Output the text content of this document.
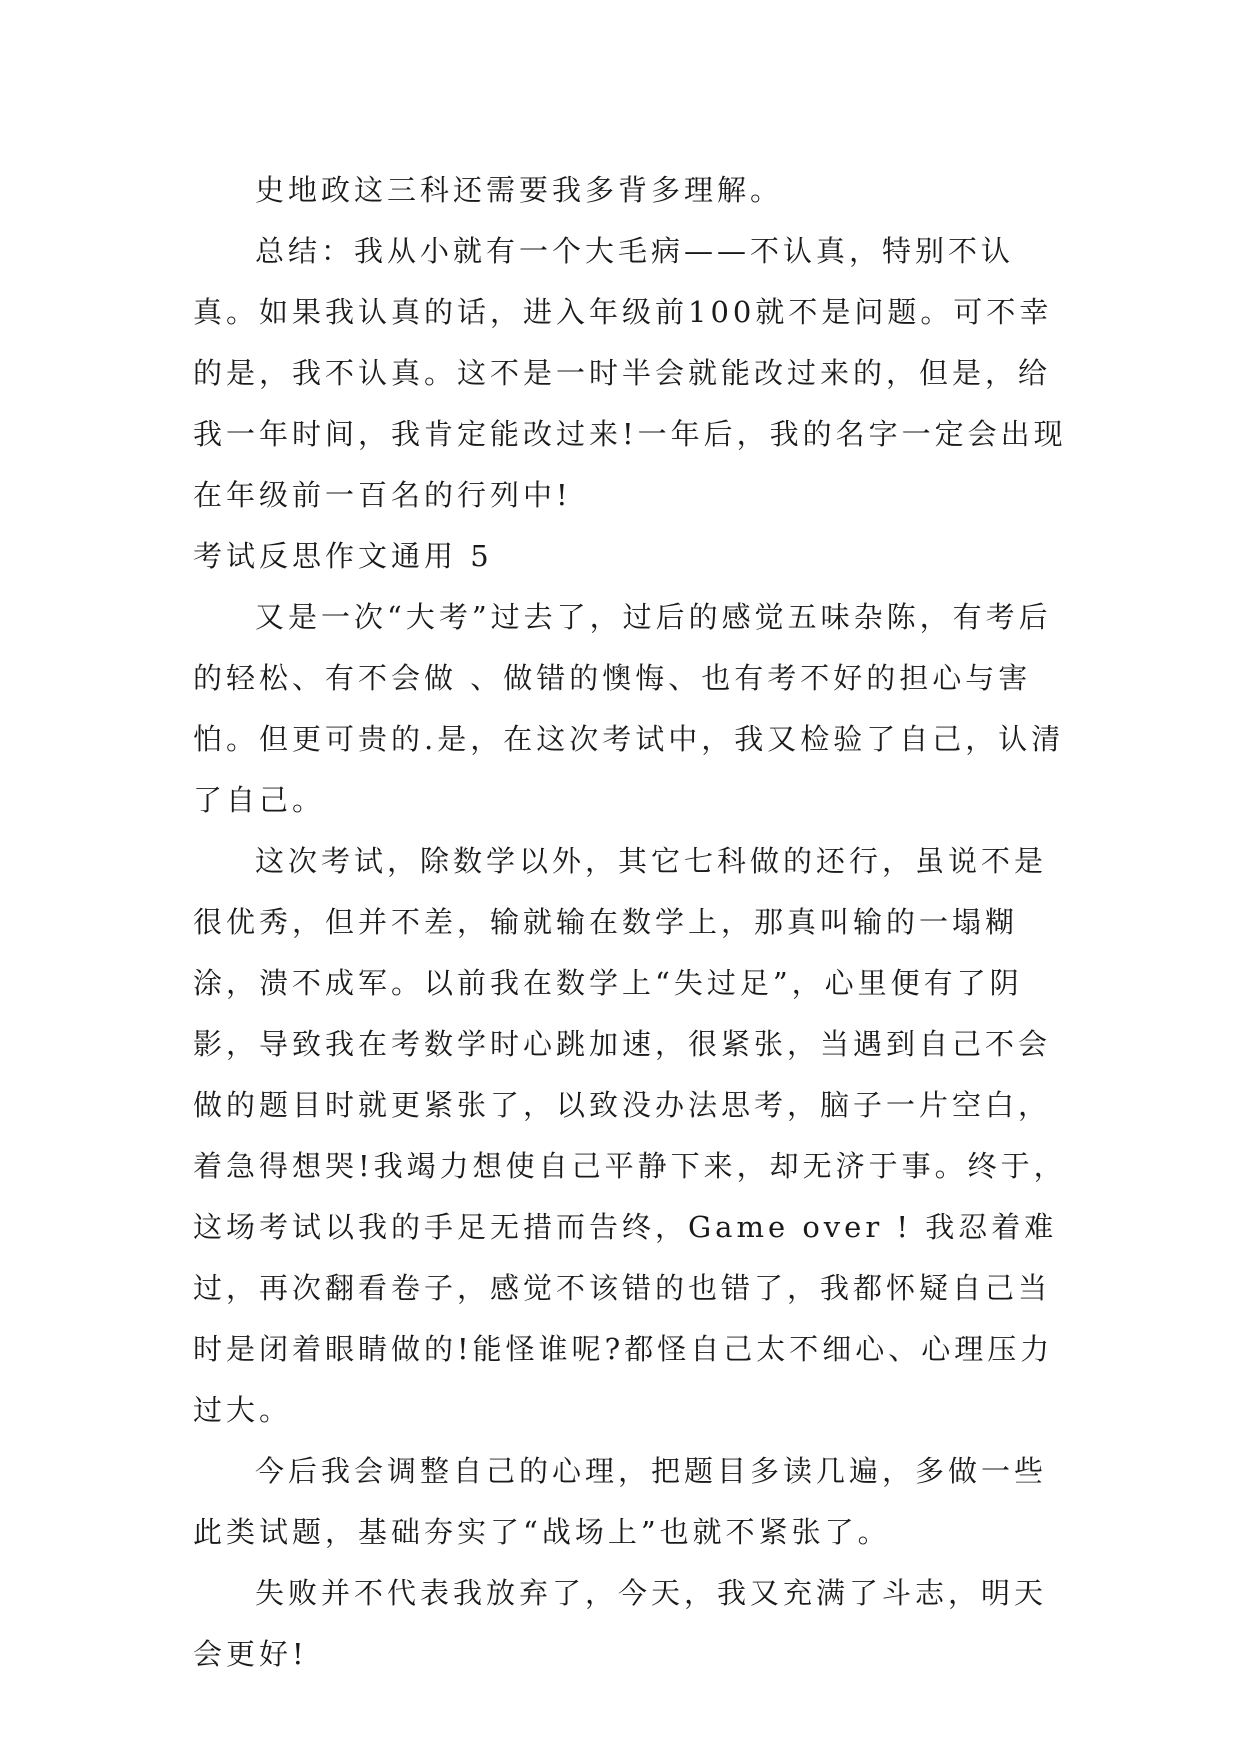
史地政这三科还需要我多背多理解。

总结：我从小就有一个大毛病——不认真，特别不认真。如果我认真的话，进入年级前100就不是问题。可不幸的是，我不认真。这不是一时半会就能改过来的，但是，给我一年时间，我肯定能改过来!一年后，我的名字一定会出现在年级前一百名的行列中!

考试反思作文通用 5

又是一次“大考”过去了，过后的感觉五味杂陈，有考后的轻松、有不会做 、做错的懊悔、也有考不好的担心与害怕。但更可贵的.是，在这次考试中，我又检验了自己，认清了自己。

这次考试，除数学以外，其它七科做的还行，虽说不是很优秀，但并不差，输就输在数学上，那真叫输的一塌糊涂，溃不成军。以前我在数学上“失过足”，心里便有了阴影，导致我在考数学时心跳加速，很紧张，当遇到自己不会做的题目时就更紧张了，以致没办法思考，脑子一片空白，着急得想哭!我竭力想使自己平静下来，却无济于事。终于，这场考试以我的手足无措而告终，Game over ! 我忍着难过，再次翻看卷子，感觉不该错的也错了，我都怀疑自己当时是闭着眼睛做的!能怪谁呢?都怪自己太不细心、心理压力过大。

今后我会调整自己的心理，把题目多读几遍，多做一些此类试题，基础夯实了“战场上”也就不紧张了。

失败并不代表我放弃了，今天，我又充满了斗志，明天会更好!
